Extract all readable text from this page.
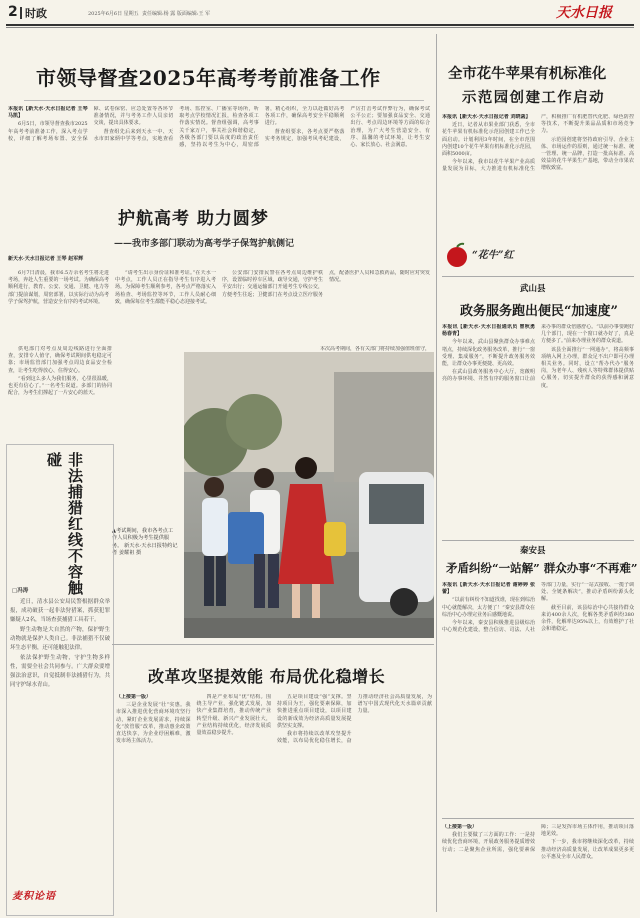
2 时政	2025年6月6日 星期五 责任编辑:杨 露 版面编辑:王 军	天水日报
市领导督查2025年高考考前准备工作

本报讯【新天水·天水日报记者 王琴 马凯】

6月5日，市领导督查我市2025年高考考前准备工作，深入考点学校，详细了解考场布置、安全保障、试卷保密、应急处置等各环节准备情况，并与考务工作人员亲切交谈，提出具体要求。

督查组先后来到天水一中、天水市田家炳中学等考点，实地查看考场、监控室、广播室等场所，听取考点学校情况汇报，检查各项工作落实情况。督查组强调，高考事关千家万户，事关社会和谐稳定，各级各部门要以高度的政治责任感，坚持以考生为中心，周密部署，精心组织，全力以赴做好高考各项工作，确保高考安全平稳顺利进行。

督查组要求，各考点要严格落实考务规定，加强考风考纪建设，严厉打击考试作弊行为，确保考试公平公正；要加强食品安全、交通出行、考点周边环境等方面的综合治理，为广大考生营造安全、有序、温馨的考试环境，让考生安心、家长放心、社会满意。

护航高考 助力圆梦
——我市多部门联动为高考学子保驾护航侧记
新天水·天水日报记者 王琴 赵军辉

6月7日清晨，我市6.5万余名考生将走进考场，奔赴人生重要的一场考试。为确保高考顺利进行，教育、公安、交通、卫健、电力等部门提前谋划，周密部署，以实际行动为高考学子保驾护航，营造安全有序的考试环境。

“请考生出示身份证和准考证。”在天水一中考点，工作人员正在指导考生有序进入考场。为保障考生顺利参考，各考点严格落实入场检查、考场监控等环节，工作人员耐心细致，确保每位考生都能平稳心态迎接考试。

公安部门安排民警在各考点周边维护秩序，设置临时停车区域，疏导交通，守护考生平安出行；交通运输部门开通考生专线公交，方便考生往返；卫健部门在考点设立医疗服务点，配备医护人员和急救药品，随时应对突发情况。

供电部门对考点及周边线路进行全面排查，安排专人值守，确保考试期间供电稳定可靠；市场监管部门加强考点周边食品安全检查，让考生吃得放心、住得安心。

“看到这么多人为我们服务，心里很温暖，也更有信心了。”一名考生说道。多部门的协同配合，为考生们撑起了一片安心的蓝天。

本次高考期间，各有关部门将持续加强值班值守，

▲考试期间，我市各考点工作人员积极为考生提供服务。 新天水·天水日报特约记者 姜耀祖 摄
非法捕猎红线不容触碰
□冯涛

近日，清水县公安局民警根据群众举报，成功破获一起非法狩猎案，抓获犯罪嫌疑人2名，当场查获捕猎工具若干。

野生动物是大自然的产物，保护野生动物就是保护人类自己。非法捕猎不仅破坏生态平衡，还可能触犯法律。

依法保护野生动物，守护生物多样性，需要全社会共同参与。广大群众要增强法治意识，自觉抵制非法捕猎行为，共同守护绿水青山。

麦积论语
改革攻坚提效能 布局优化稳增长

（上接第一版）

三是企业发展“壮”实惠。我市深入推进优化营商环境攻坚行动，紧盯企业发展需求，持续深化“放管服”改革，推动惠企政策直达快享，为企业纾困解难，激发市场主体活力。

四是产业布局“优”结构。围绕主导产业，强化链式发展，加快产业集群培育，推动传统产业转型升级、新兴产业发展壮大，产业结构持续优化，经济发展质量效益稳步提升。

五是项目建设“强”支撑。坚持项目为王，强化要素保障，加快推进重点项目建设，以项目建设的新成效为经济高质量发展提供坚实支撑。

我市将持续以改革攻坚提升效能，以布局优化稳住增长，奋力推动经济社会高质量发展，为谱写中国式现代化天水篇章贡献力量。

全市花牛苹果有机标准化
示范园创建工作启动

本报讯【新天水·天水日报记者 刘晓菡】

近日，记者从市果业部门获悉，全市花牛苹果有机标准化示范园创建工作已全面启动。计划利用3年时间，在全市范围内创建10个花牛苹果有机标准化示范园，面积5000亩。

今年以来，我市以花牛苹果产业高质量发展为目标，大力推进有机标准化生产，积极推广有机肥替代化肥、绿色防控等技术，不断提升果品品质和市场竞争力。

示范园创建将坚持政府引导、企业主体、市场运作的原则，通过统一标准、统一管理、统一品牌，打造一批高标准、高效益的花牛苹果生产基地，带动全市果农增收致富。

“花牛”红
武山县
政务服务跑出便民“加速度”

本报讯【新天水·天水日报通讯员 曾秋勇 杨春青】

今年以来，武山县聚焦群众办事难点堵点，持续深化政务服务改革，推行“一窗受理、集成服务”，不断提升政务服务效能，让群众办事更便捷、更高效。

在武山县政务服务中心大厅，宽敞明亮的办事环境、井然有序的服务窗口让前来办事的群众倍感舒心。“以前办事要跑好几个部门，现在一个窗口就办好了，真是方便多了。”前来办理业务的群众说道。

该县全面推行“一网通办”，将高频事项纳入网上办理，群众足不出户即可办理相关业务。同时，设立“帮办代办”服务岗，为老年人、残疾人等特殊群体提供贴心服务，切实提升群众的获得感和满意度。

秦安县
矛盾纠纷“一站解” 群众办事“不再难”

本报讯【新天水·天水日报记者 谢婷婷 张蕾】

“以前有纠纷不知道找谁，现在到综治中心就能解决，太方便了！”秦安县群众在综治中心办理完业务后感慨地说。

今年以来，秦安县积极推进县级综治中心规范化建设，整合信访、司法、人社等部门力量，实行“一站式接收、一揽子调处、全链条解决”，推动矛盾纠纷源头化解。

截至目前，该县综治中心共接待群众来访400余人次，化解各类矛盾纠纷380余件，化解率达95%以上，有效维护了社会和谐稳定。

（上接第一版）

我们主要做了三方面的工作：一是持续优化营商环境，开展政务服务提质增效行动；二是聚焦企业所需，强化要素保障；三是发挥市场主体作用，推动项目落地见效。

下一步，我市将继续深化改革，持续推动经济高质量发展，让改革成果更多更公平惠及全市人民群众。
